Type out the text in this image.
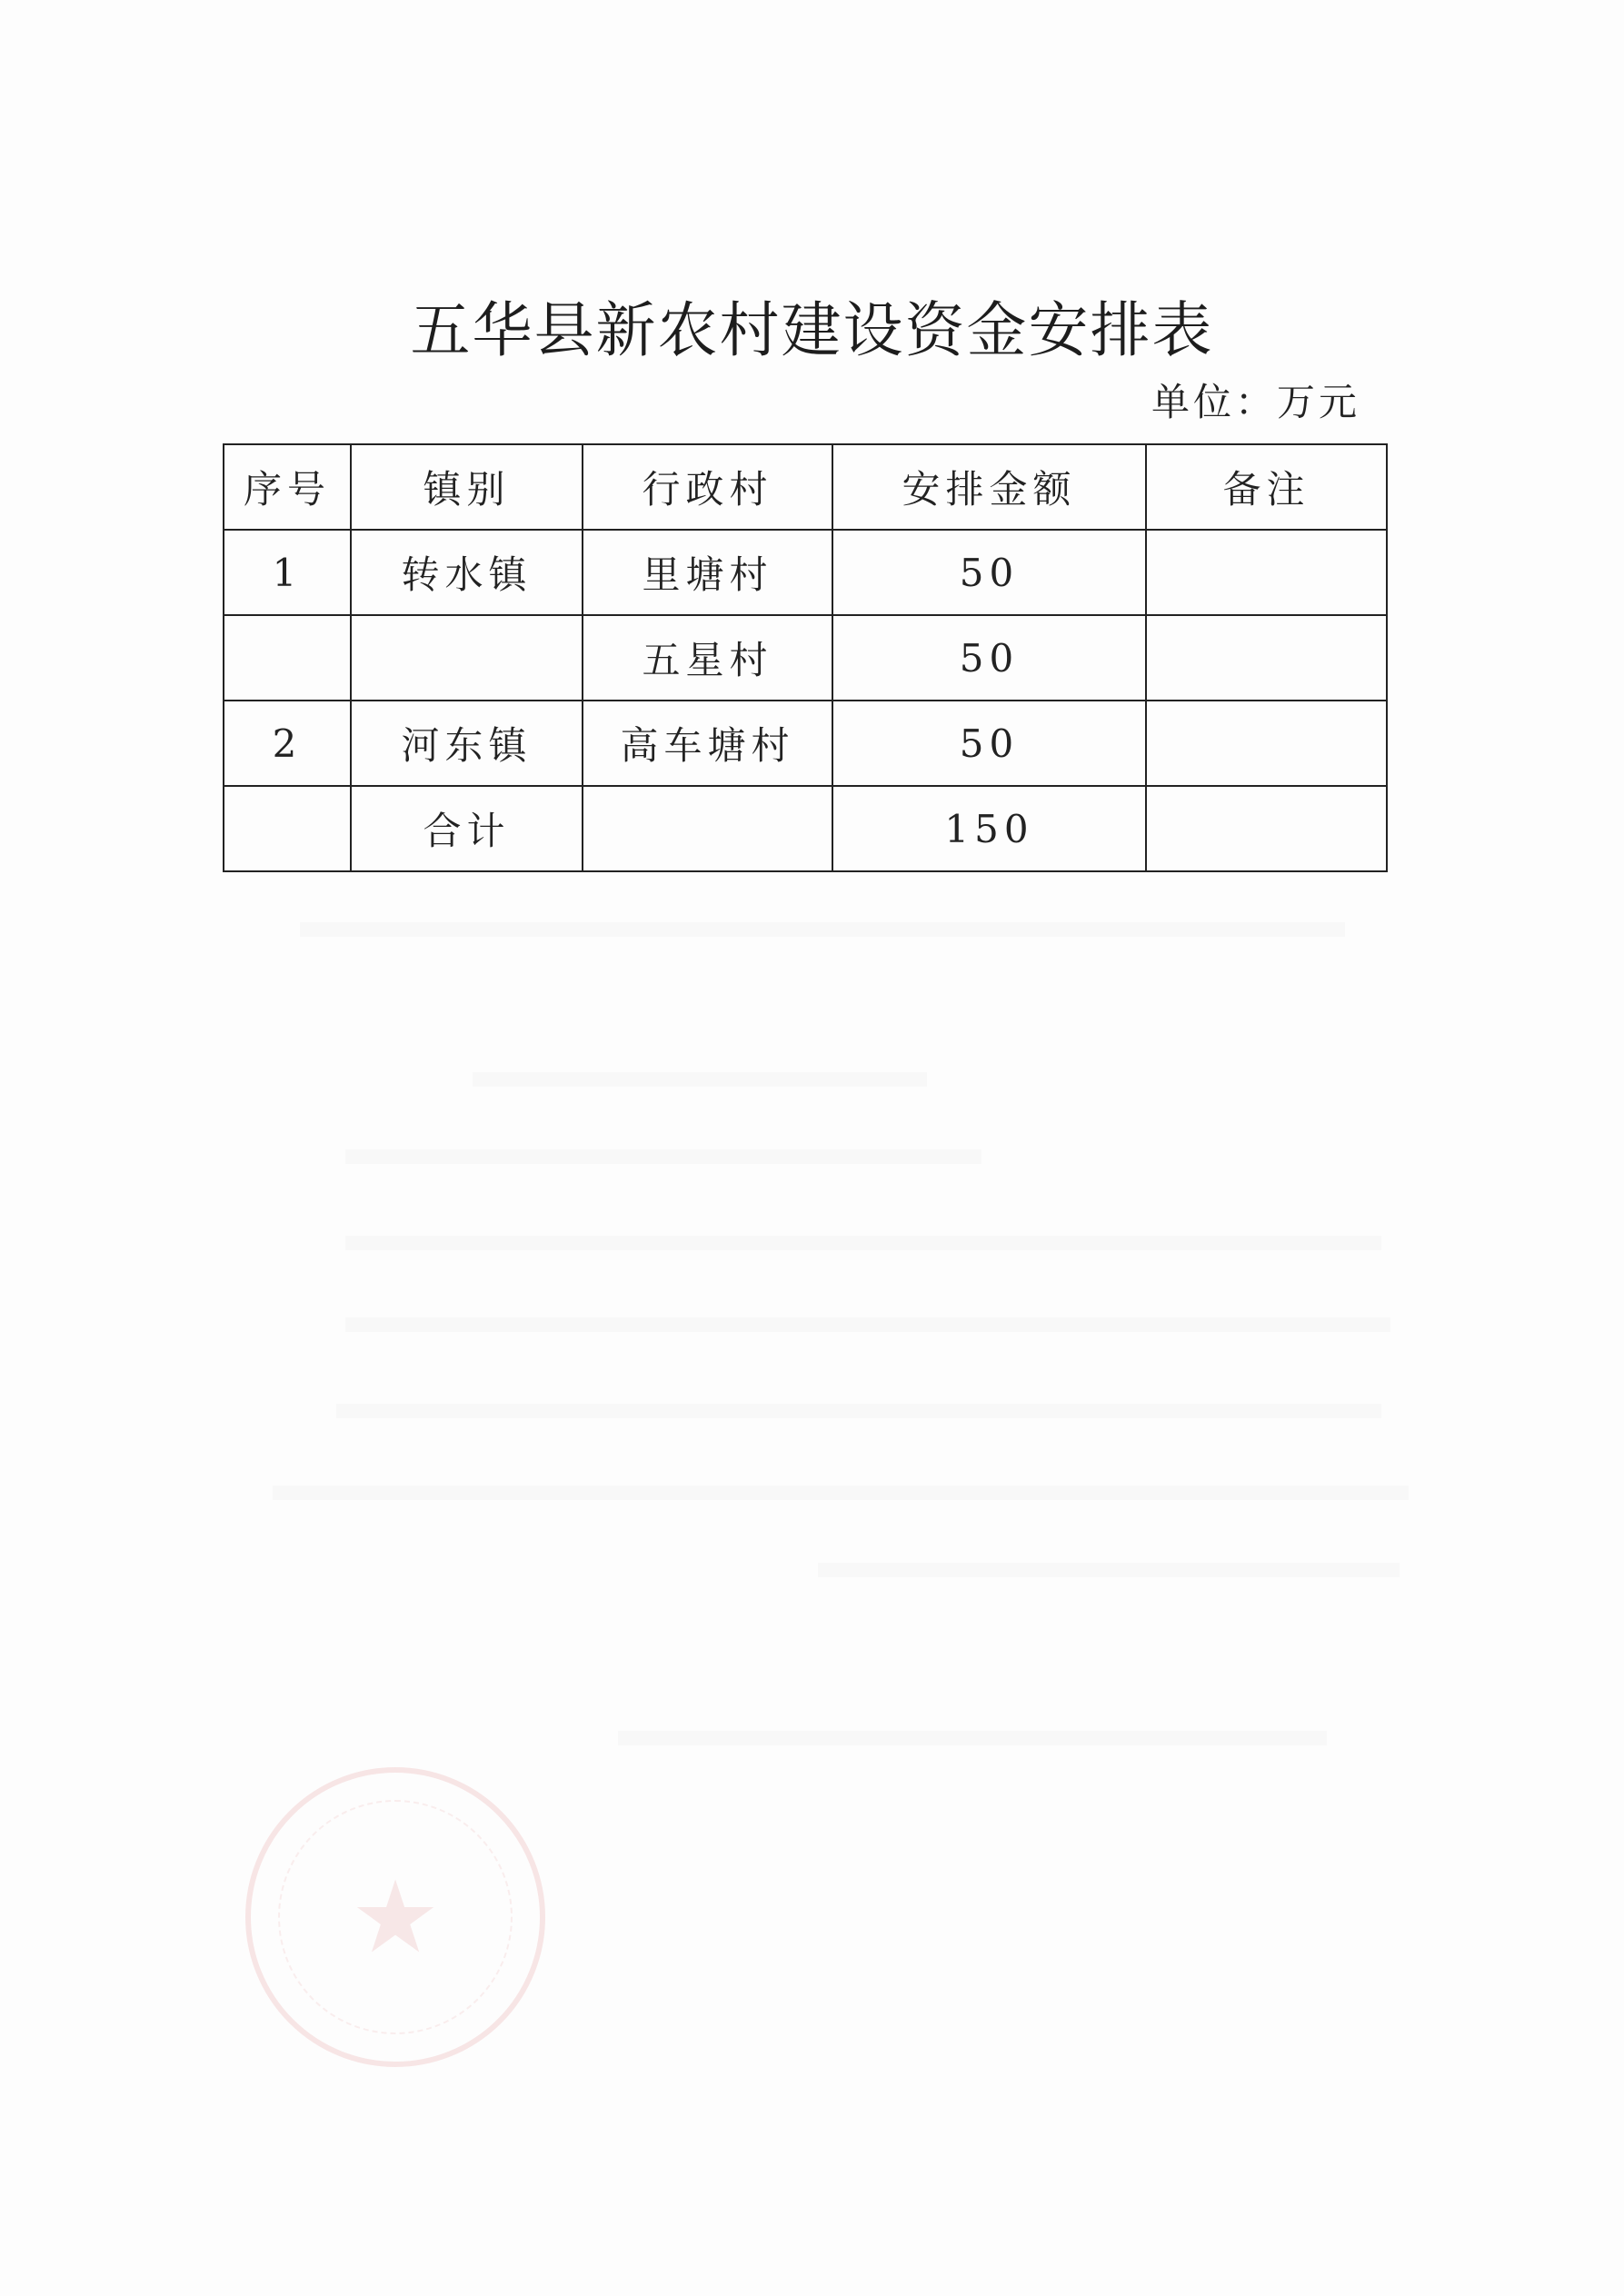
★
五华县新农村建设资金安排表
单位：万元
序号	镇别	行政村	安排金额	备注
1	转水镇	里塘村	50	
		五星村	50	
2	河东镇	高车塘村	50	
	合计		150	
